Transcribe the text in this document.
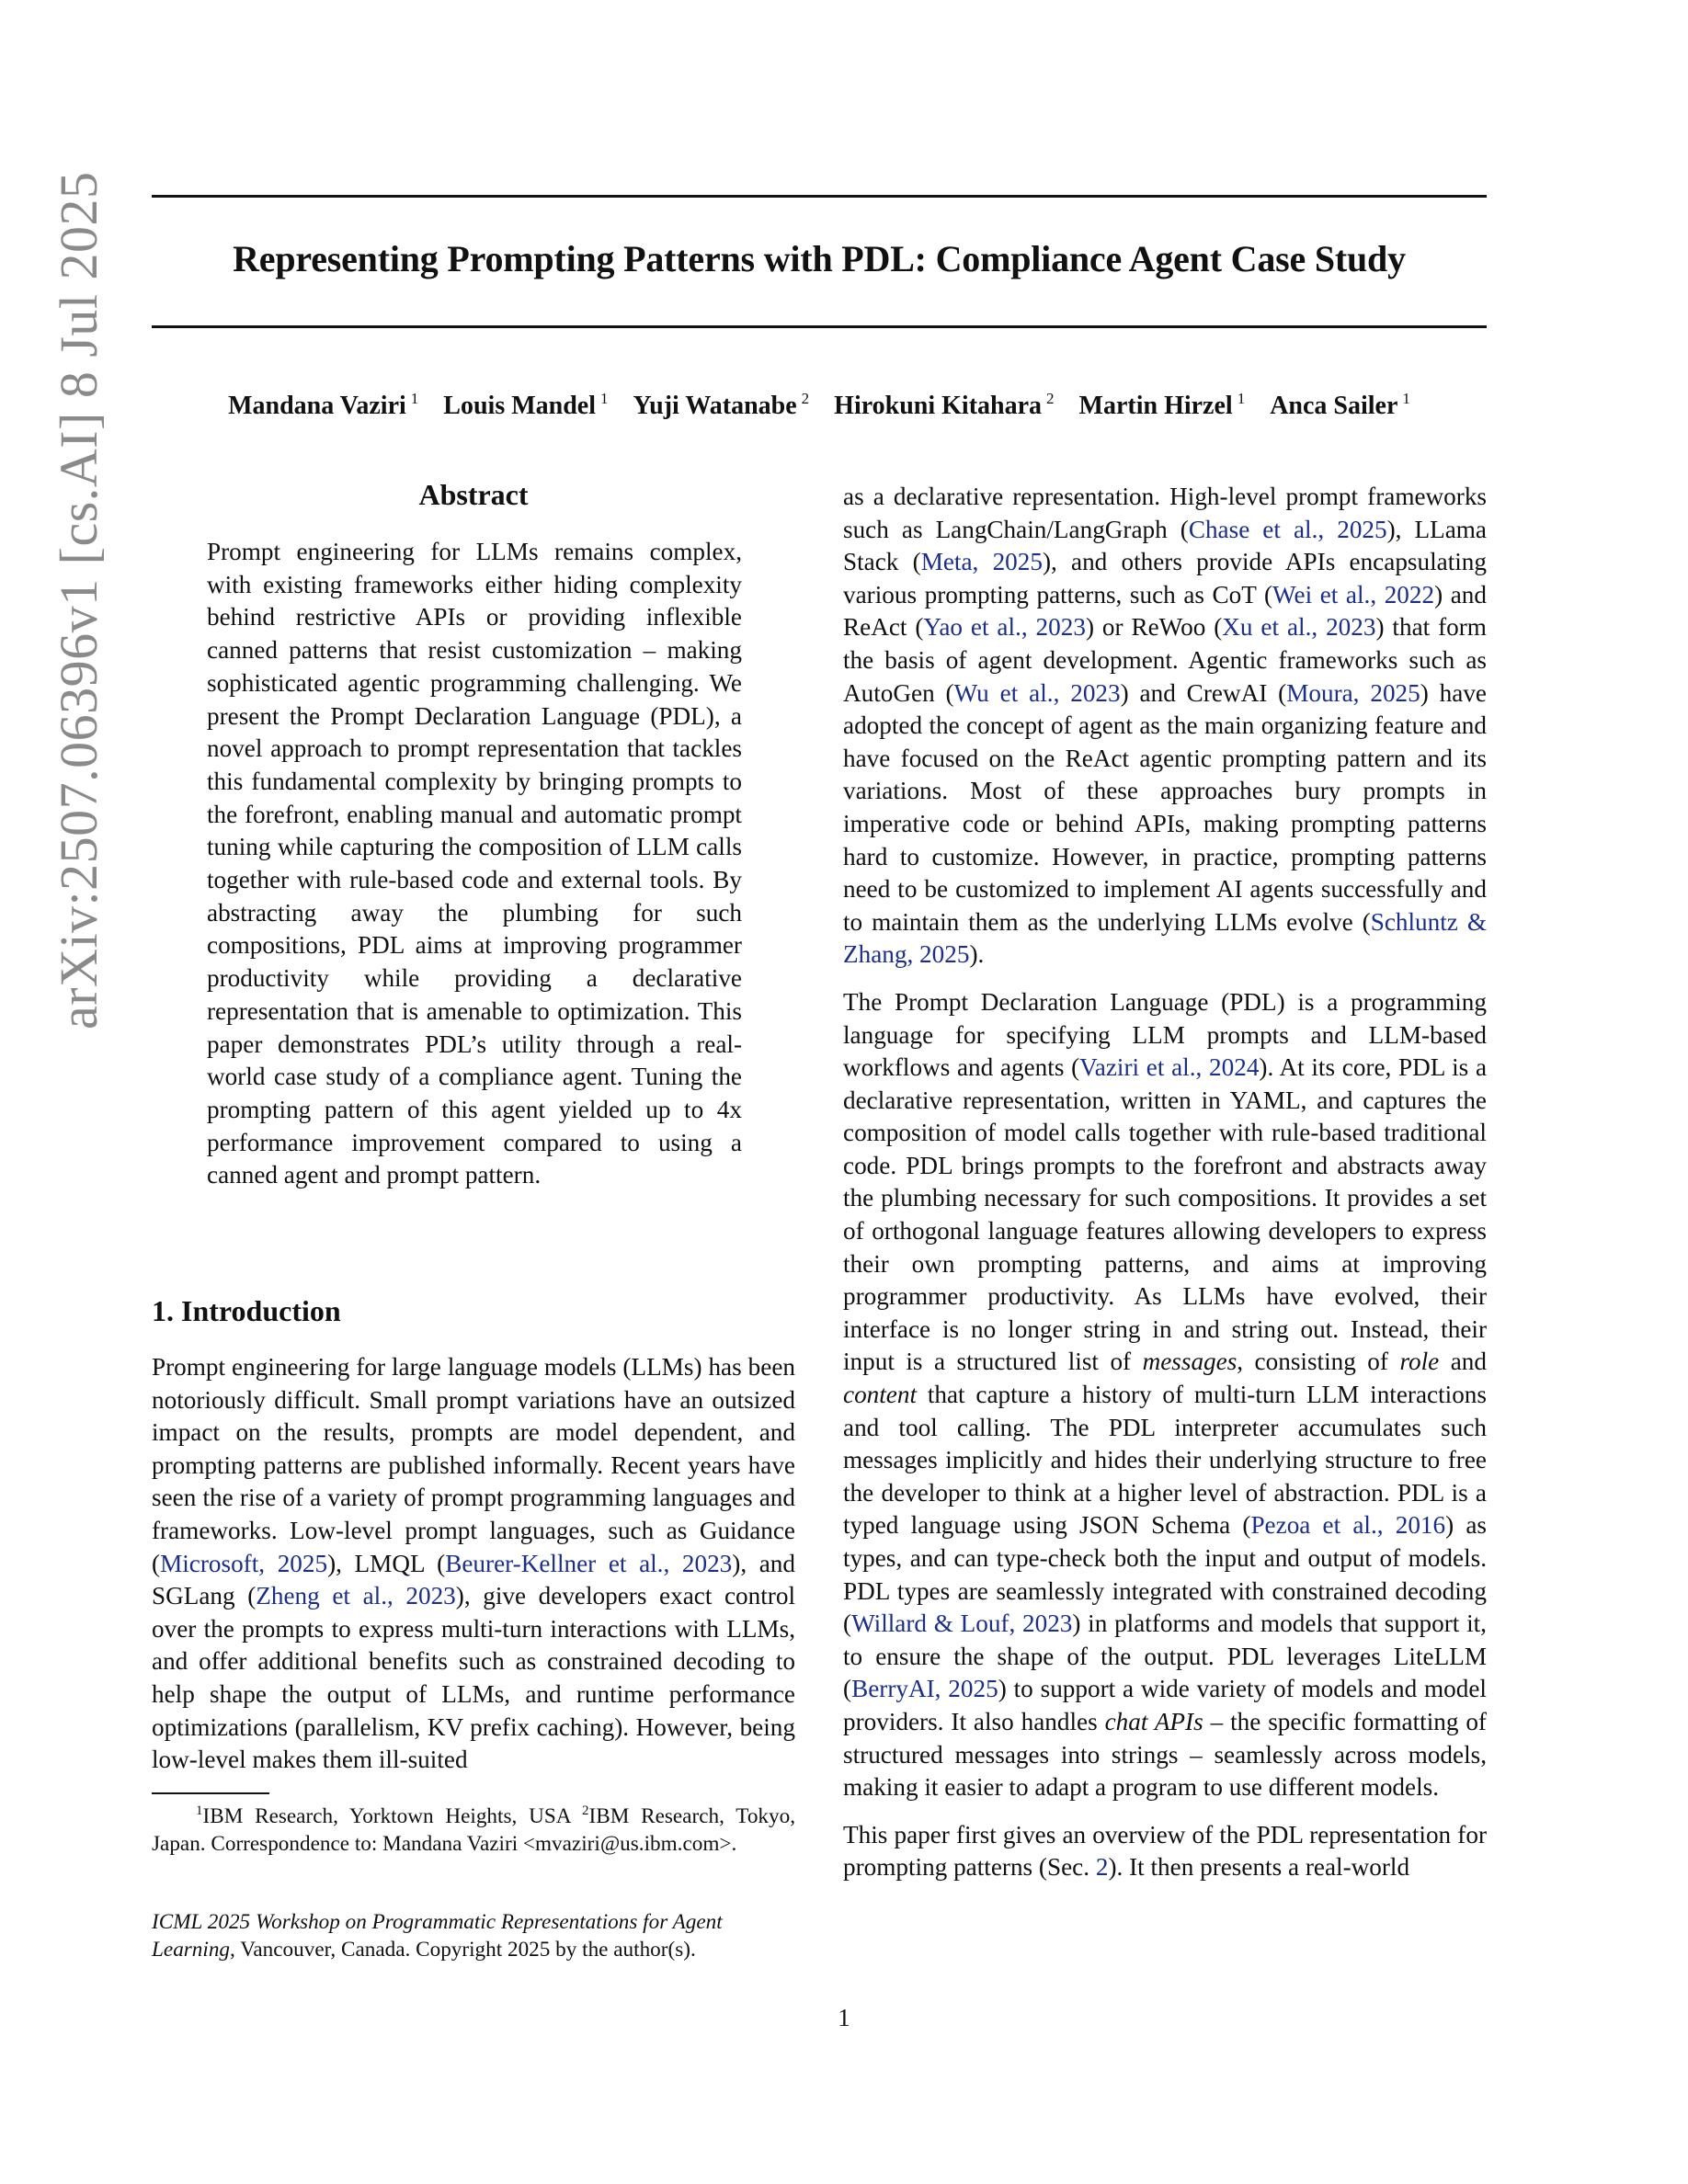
Representing Prompting Patterns with PDL: Compliance Agent Case Study
Mandana Vaziri $^1$ Louis Mandel $^1$ Yuji Watanabe $^2$ Hirokuni Kitahara $^2$ Martin Hirzel $^1$ Anca Sailer $^1$
arXiv:2507.06396v1 [cs.AI] 8 Jul 2025	Abstract

Prompt engineering for LLMs remains complex, with existing frameworks either hiding complexity behind restrictive APIs or providing inflexible canned patterns that resist customization – making sophisticated agentic programming challenging. We present the Prompt Declaration Language (PDL), a novel approach to prompt representation that tackles this fundamental complexity by bringing prompts to the forefront, enabling manual and automatic prompt tuning while capturing the composition of LLM calls together with rule-based code and external tools. By abstracting away the plumbing for such compositions, PDL aims at improving programmer productivity while providing a declarative representation that is amenable to optimization. This paper demonstrates PDL’s utility through a real-world case study of a compliance agent. Tuning the prompting pattern of this agent yielded up to 4x performance improvement compared to using a canned agent and prompt pattern.

1. Introduction

Prompt engineering for large language models (LLMs) has been notoriously difficult. Small prompt variations have an outsized impact on the results, prompts are model dependent, and prompting patterns are published informally. Recent years have seen the rise of a variety of prompt programming languages and frameworks. Low-level prompt languages, such as Guidance (Microsoft, 2025), LMQL (Beurer-Kellner et al., 2023), and SGLang (Zheng et al., 2023), give developers exact control over the prompts to express multi-turn interactions with LLMs, and offer additional benefits such as constrained decoding to help shape the output of LLMs, and runtime performance optimizations (parallelism, KV prefix caching). However, being low-level makes them ill-suited

as a declarative representation. High-level prompt frameworks such as LangChain/LangGraph (Chase et al., 2025), LLama Stack (Meta, 2025), and others provide APIs encapsulating various prompting patterns, such as CoT (Wei et al., 2022) and ReAct (Yao et al., 2023) or ReWoo (Xu et al., 2023) that form the basis of agent development. Agentic frameworks such as AutoGen (Wu et al., 2023) and CrewAI (Moura, 2025) have adopted the concept of agent as the main organizing feature and have focused on the ReAct agentic prompting pattern and its variations. Most of these approaches bury prompts in imperative code or behind APIs, making prompting patterns hard to customize. However, in practice, prompting patterns need to be customized to implement AI agents successfully and to maintain them as the underlying LLMs evolve (Schluntz & Zhang, 2025).

The Prompt Declaration Language (PDL) is a programming language for specifying LLM prompts and LLM-based workflows and agents (Vaziri et al., 2024). At its core, PDL is a declarative representation, written in YAML, and captures the composition of model calls together with rule-based traditional code. PDL brings prompts to the forefront and abstracts away the plumbing necessary for such compositions. It provides a set of orthogonal language features allowing developers to express their own prompting patterns, and aims at improving programmer productivity. As LLMs have evolved, their interface is no longer string in and string out. Instead, their input is a structured list of messages, consisting of role and content that capture a history of multi-turn LLM interactions and tool calling. The PDL interpreter accumulates such messages implicitly and hides their underlying structure to free the developer to think at a higher level of abstraction. PDL is a typed language using JSON Schema (Pezoa et al., 2016) as types, and can type-check both the input and output of models. PDL types are seamlessly integrated with constrained decoding (Willard & Louf, 2023) in platforms and models that support it, to ensure the shape of the output. PDL leverages LiteLLM (BerryAI, 2025) to support a wide variety of models and model providers. It also handles chat APIs – the specific formatting of structured messages into strings – seamlessly across models, making it easier to adapt a program to use different models.

This paper first gives an overview of the PDL representation for prompting patterns (Sec. 2). It then presents a real-world

$^1$IBM Research, Yorktown Heights, USA $^2$IBM Research, Tokyo, Japan. Correspondence to: Mandana Vaziri <mvaziri@us.ibm.com>.
ICML 2025 Workshop on Programmatic Representations for Agent Learning, Vancouver, Canada. Copyright 2025 by the author(s).
1
